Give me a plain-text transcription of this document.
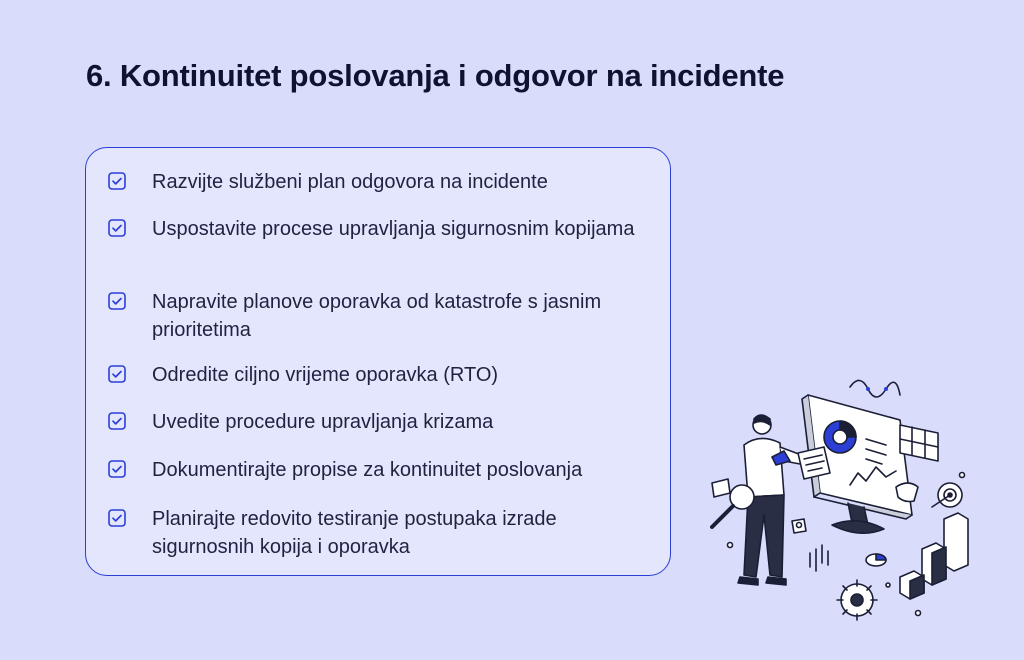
6. Kontinuitet poslovanja i odgovor na incidente
Razvijte službeni plan odgovora na incidente
Uspostavite procese upravljanja sigurnosnim kopijama
Napravite planove oporavka od katastrofe s jasnim prioritetima
Odredite ciljno vrijeme oporavka (RTO)
Uvedite procedure upravljanja krizama
Dokumentirajte propise za kontinuitet poslovanja
Planirajte redovito testiranje postupaka izrade sigurnosnih kopija i oporavka
